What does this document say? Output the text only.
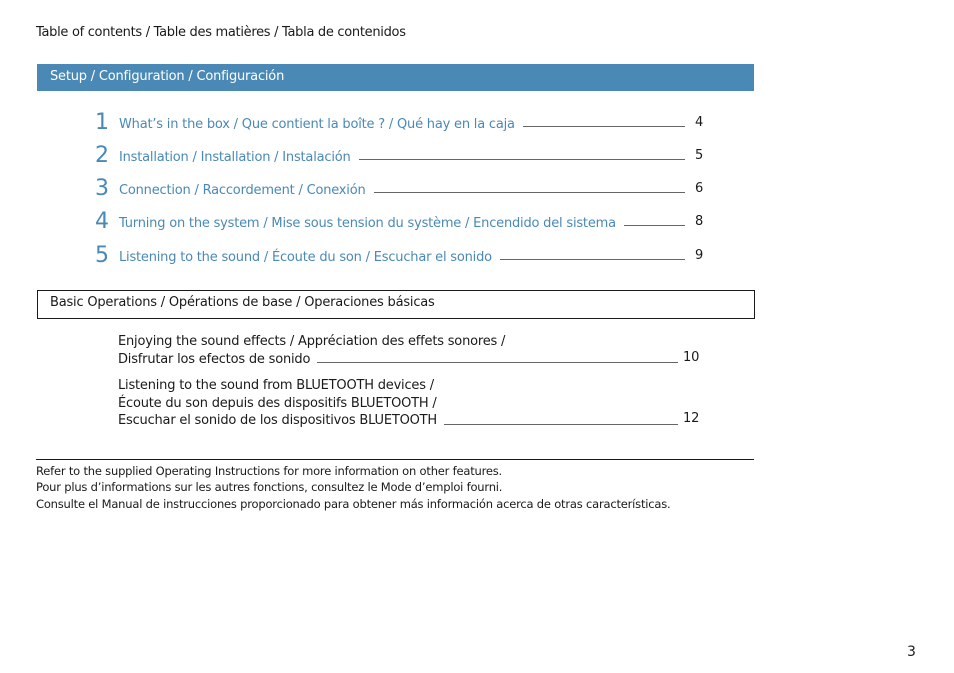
Table of contents / Table des matières / Tabla de contenidos
Setup / Configuration / Configuración
1 What’s in the box / Que contient la boîte ? / Qué hay en la caja	4
2 Installation / Installation / Instalación	5
3 Connection / Raccordement / Conexión	6
4 Turning on the system / Mise sous tension du système / Encendido del sistema	8
5 Listening to the sound / Écoute du son / Escuchar el sonido	9
Basic Operations / Opérations de base / Operaciones básicas
Enjoying the sound effects / Appréciation des effets sonores /
Disfrutar los efectos de sonido	10
Listening to the sound from BLUETOOTH devices /
Écoute du son depuis des dispositifs BLUETOOTH /
Escuchar el sonido de los dispositivos BLUETOOTH	12
Refer to the supplied Operating Instructions for more information on other features.
Pour plus d’informations sur les autres fonctions, consultez le Mode d’emploi fourni.
Consulte el Manual de instrucciones proporcionado para obtener más información acerca de otras características.
3
